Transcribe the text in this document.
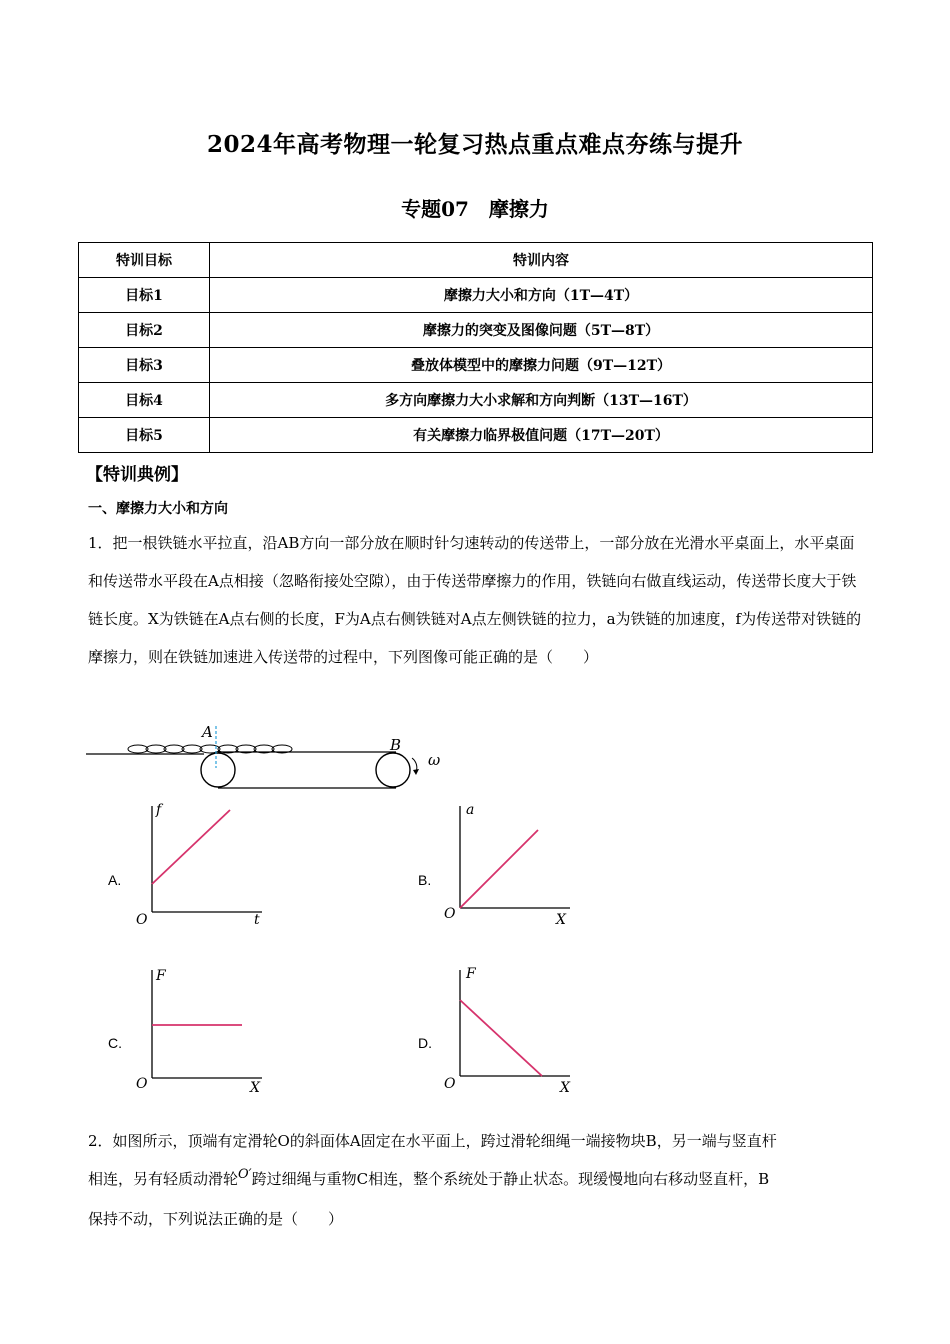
2024年高考物理一轮复习热点重点难点夯练与提升
专题07　摩擦力
特训目标	特训内容
目标1	摩擦力大小和方向（1T—4T）
目标2	摩擦力的突变及图像问题（5T—8T）
目标3	叠放体模型中的摩擦力问题（9T—12T）
目标4	多方向摩擦力大小求解和方向判断（13T—16T）
目标5	有关摩擦力临界极值问题（17T—20T）
【特训典例】
一、摩擦力大小和方向
1．把一根铁链水平拉直，沿AB方向一部分放在顺时针匀速转动的传送带上，一部分放在光滑水平桌面上，水平桌面和传送带水平段在A点相接（忽略衔接处空隙），由于传送带摩擦力的作用，铁链向右做直线运动，传送带长度大于铁链长度。X为铁链在A点右侧的长度，F为A点右侧铁链对A点左侧铁链的拉力，a为铁链的加速度，f为传送带对铁链的摩擦力，则在铁链加速进入传送带的过程中，下列图像可能正确的是（　　）
A
B
ω
A.
O
f
t
B.
O
a
X
C.
O
F
X
D.
O
F
X
2．如图所示，顶端有定滑轮O的斜面体A固定在水平面上，跨过滑轮细绳一端接物块B，另一端与竖直杆
相连，另有轻质动滑轮O′跨过细绳与重物C相连，整个系统处于静止状态。现缓慢地向右移动竖直杆，B
保持不动，下列说法正确的是（　　）
